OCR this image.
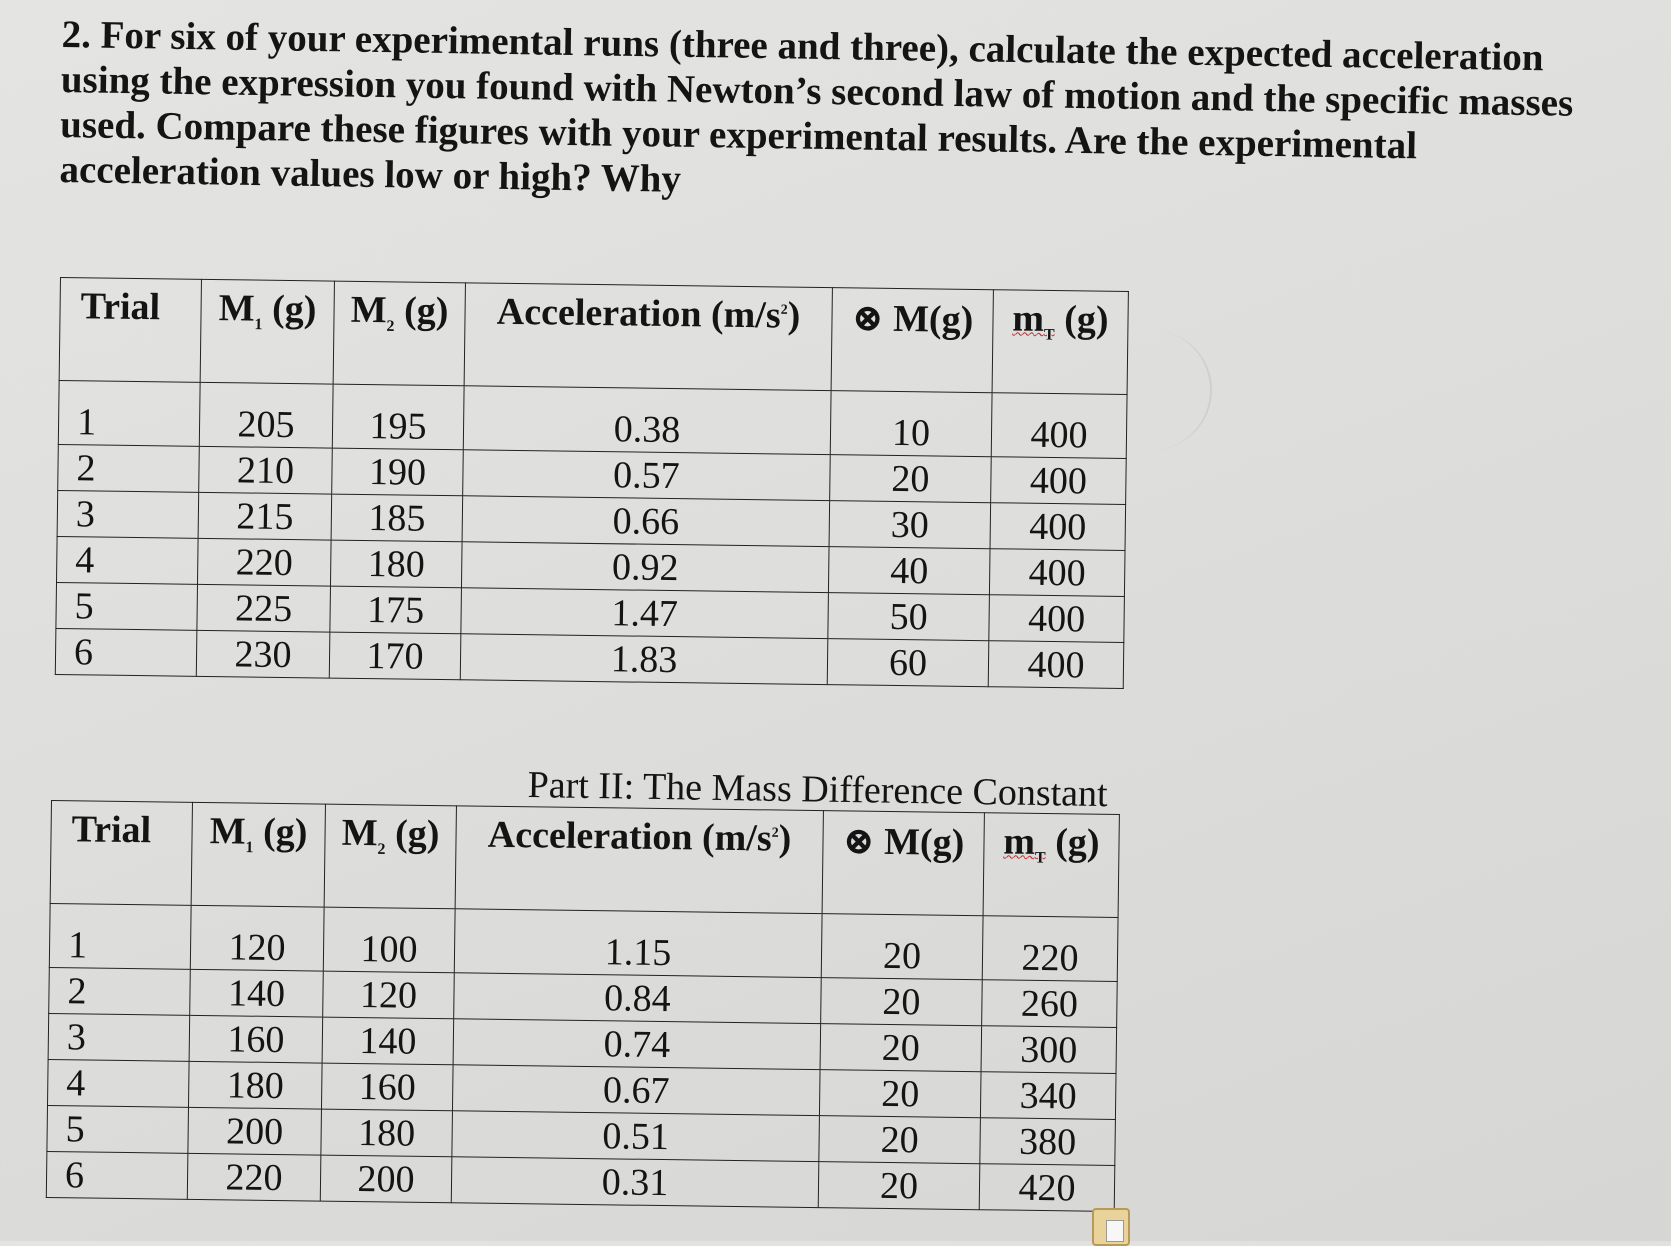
2. For six of your experimental runs (three and three), calculate the expected acceleration using the expression you found with Newton’s second law of motion and the specific masses used. Compare these figures with your experimental results. Are the experimental acceleration values low or high? Why

Trial	$M_1$ (g)	$M_2$ (g)	Acceleration $(m/s^2)$	⊗ M(g)	$m_T$ (g)
1	205	195	0.38	10	400
2	210	190	0.57	20	400
3	215	185	0.66	30	400
4	220	180	0.92	40	400
5	225	175	1.47	50	400
6	230	170	1.83	60	400
Part II: The Mass Difference Constant
Trial	$M_1$ (g)	$M_2$ (g)	Acceleration $(m/s^2)$	⊗ M(g)	$m_T$ (g)
1	120	100	1.15	20	220
2	140	120	0.84	20	260
3	160	140	0.74	20	300
4	180	160	0.67	20	340
5	200	180	0.51	20	380
6	220	200	0.31	20	420
